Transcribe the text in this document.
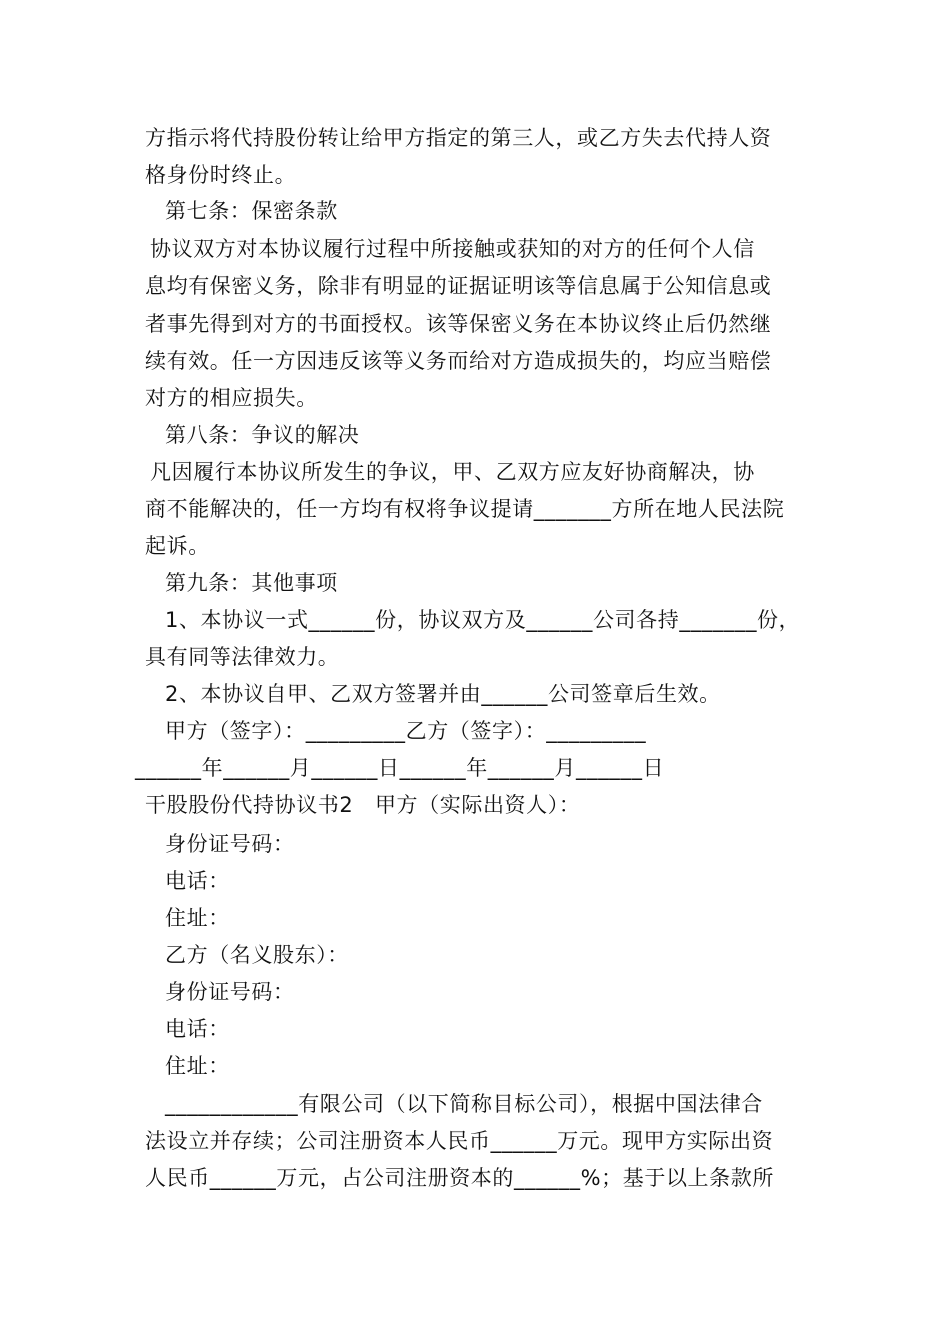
方指示将代持股份转让给甲方指定的第三人，或乙方失去代持人资
格身份时终止。
第七条：保密条款
协议双方对本协议履行过程中所接触或获知的对方的任何个人信
息均有保密义务，除非有明显的证据证明该等信息属于公知信息或
者事先得到对方的书面授权。该等保密义务在本协议终止后仍然继
续有效。任一方因违反该等义务而给对方造成损失的，均应当赔偿
对方的相应损失。
第八条：争议的解决
凡因履行本协议所发生的争议，甲、乙双方应友好协商解决，协
商不能解决的，任一方均有权将争议提请_______方所在地人民法院
起诉。
第九条：其他事项
1、本协议一式______份，协议双方及______公司各持_______份，
具有同等法律效力。
2、本协议自甲、乙双方签署并由______公司签章后生效。
甲方（签字）：_________乙方（签字）：_________
______年______月______日______年______月______日
干股股份代持协议书2　甲方（实际出资人）：
身份证号码：
电话：
住址：
乙方（名义股东）：
身份证号码：
电话：
住址：
____________有限公司（以下简称目标公司），根据中国法律合
法设立并存续；公司注册资本人民币______万元。现甲方实际出资
人民币______万元，占公司注册资本的______%；基于以上条款所
